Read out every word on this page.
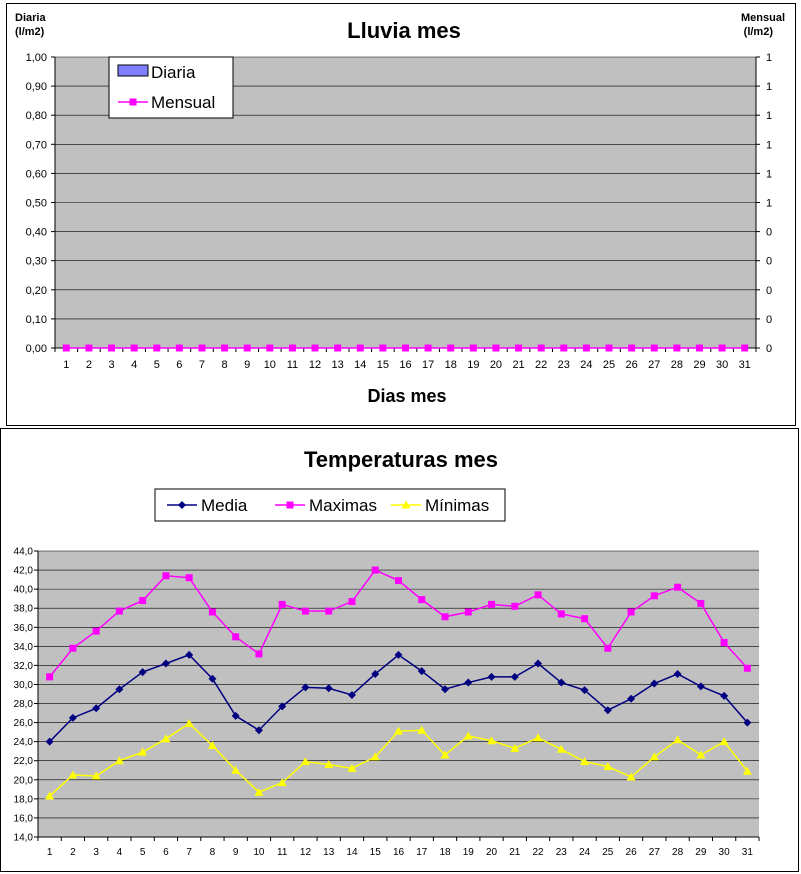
Lluvia mes
Diaria
(l/m2)
Mensual
(l/m2)
0,00	0
0,10	0
0,20	0
0,30	0
0,40	0
0,50	1
0,60	1
0,70	1
0,80	1
0,90	1
1,00	1
1 2 3 4 5 6 7 8 9 10 11 12 13 14 15 16 17 18 19 20 21 22 23 24 25 26 27 28 29 30 31
Dias mes
Diaria
Mensual
Temperaturas mes
14,0
16,0
18,0
20,0
22,0
24,0
26,0
28,0
30,0
32,0
34,0
36,0
38,0
40,0
42,0
44,0
1 2 3 4 5 6 7 8 9 10 11 12 13 14 15 16 17 18 19 20 21 22 23 24 25 26 27 28 29 30 31
Media	Maximas	Mínimas
